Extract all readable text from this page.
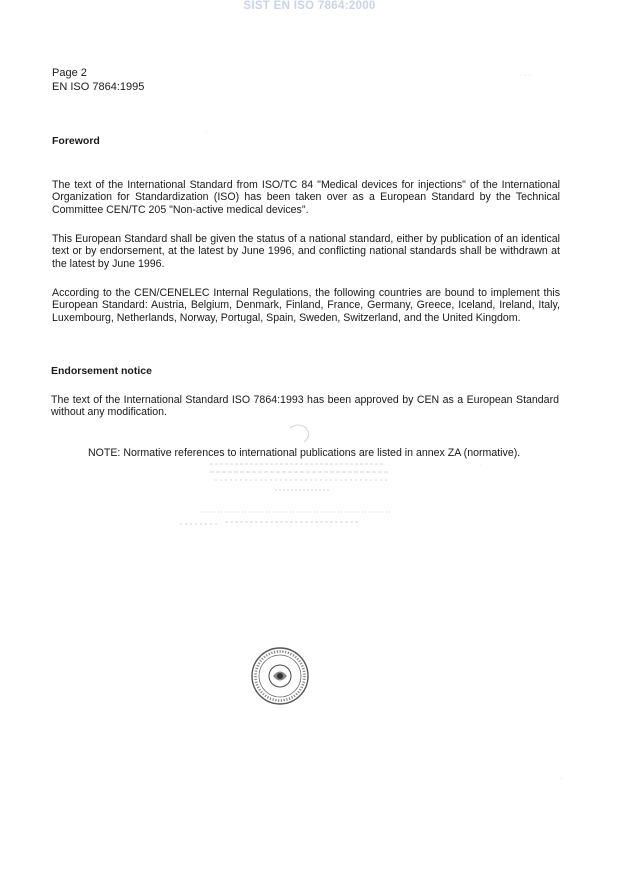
SIST EN ISO 7864:2000
Page 2
EN ISO 7864:1995
Foreword

The text of the International Standard from ISO/TC 84 "Medical devices for injections" of the International Organization for Standardization (ISO) has been taken over as a European Standard by the Technical Committee CEN/TC 205 "Non-active medical devices".

This European Standard shall be given the status of a national standard, either by publication of an identical text or by endorsement, at the latest by June 1996, and conflicting national standards shall be withdrawn at the latest by June 1996.

According to the CEN/CENELEC Internal Regulations, the following countries are bound to implement this European Standard: Austria, Belgium, Denmark, Finland, France, Germany, Greece, Iceland, Ireland, Italy, Luxembourg, Netherlands, Norway, Portugal, Spain, Sweden, Switzerland, and the United Kingdom.

Endorsement notice

The text of the International Standard ISO 7864:1993 has been approved by CEN as a European Standard without any modification.

NOTE: Normative references to international publications are listed in annex ZA (normative).
· · ·
·
·
·
